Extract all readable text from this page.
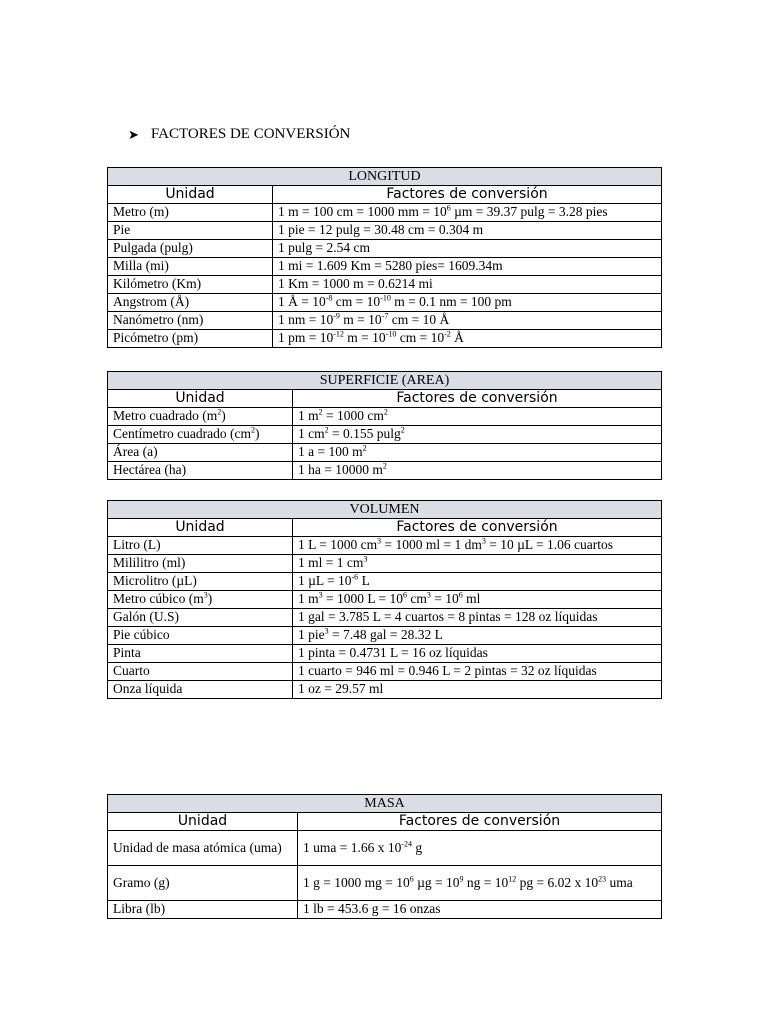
➤ FACTORES DE CONVERSIÓN
LONGITUD	
Unidad	Factores de conversión
Metro (m)	1 m = 100 cm = 1000 mm = $10^6$ µm = 39.37 pulg = 3.28 pies
Pie	1 pie = 12 pulg = 30.48 cm = 0.304 m
Pulgada (pulg)	1 pulg = 2.54 cm
Milla (mi)	1 mi = 1.609 Km = 5280 pies= 1609.34m
Kilómetro (Km)	1 Km = 1000 m = 0.6214 mi
Angstrom (Å)	1 Å = $10^{-8}$ cm = $10^{-10}$ m = 0.1 nm = 100 pm
Nanómetro (nm)	1 nm = $10^{-9}$ $m = 10^{-7}$ cm = 10 Å
Picómetro (pm)	1 pm = $10^{-12}$ $m = 10^{-10}$ cm = $10^{-2}$ Å
SUPERFICIE (AREA)	
Unidad	Factores de conversión
Metro cuadrado $(m^2)$	1 $m^2 = 1000$ $cm^2$
Centímetro cuadrado $(cm^2)$	1 $cm^2 = 0.155$ pulg$^2$
Área (a)	1 a = 100 $m^2$
Hectárea (ha)	1 ha = 10000 $m^2$
VOLUMEN	
Unidad	Factores de conversión
Litro (L)	1 L = 1000 $cm^3 = 1000$ ml = 1 $dm^3 = 10$ µL = 1.06 cuartos
Mililitro (ml)	1 ml = 1 $cm^3$
Microlitro (µL)	1 $\mu L = 10^{-6}$ L
Metro cúbico $(m^3)$	1 $m^3 = 1000$ $L = 10^6$ $cm^3 = 10^6$ ml
Galón (U.S)	1 gal = 3.785 L = 4 cuartos = 8 pintas = 128 oz líquidas
Pie cúbico	1 pie$^3$ = 7.48 gal = 28.32 L
Pinta	1 pinta = 0.4731 L = 16 oz líquidas
Cuarto	1 cuarto = 946 ml = 0.946 L = 2 pintas = 32 oz líquidas
Onza líquida	1 oz = 29.57 ml
MASA	
Unidad	Factores de conversión
Unidad de masa atómica (uma)	1 uma = 1.66 x $10^{-24}$ g
Gramo (g)	1 g = 1000 mg = $10^6$ $\mu g = 10^9$ ng = $10^{12}$ pg = 6.02 x $10^{23}$ uma
Libra (lb)	1 lb = 453.6 g = 16 onzas
